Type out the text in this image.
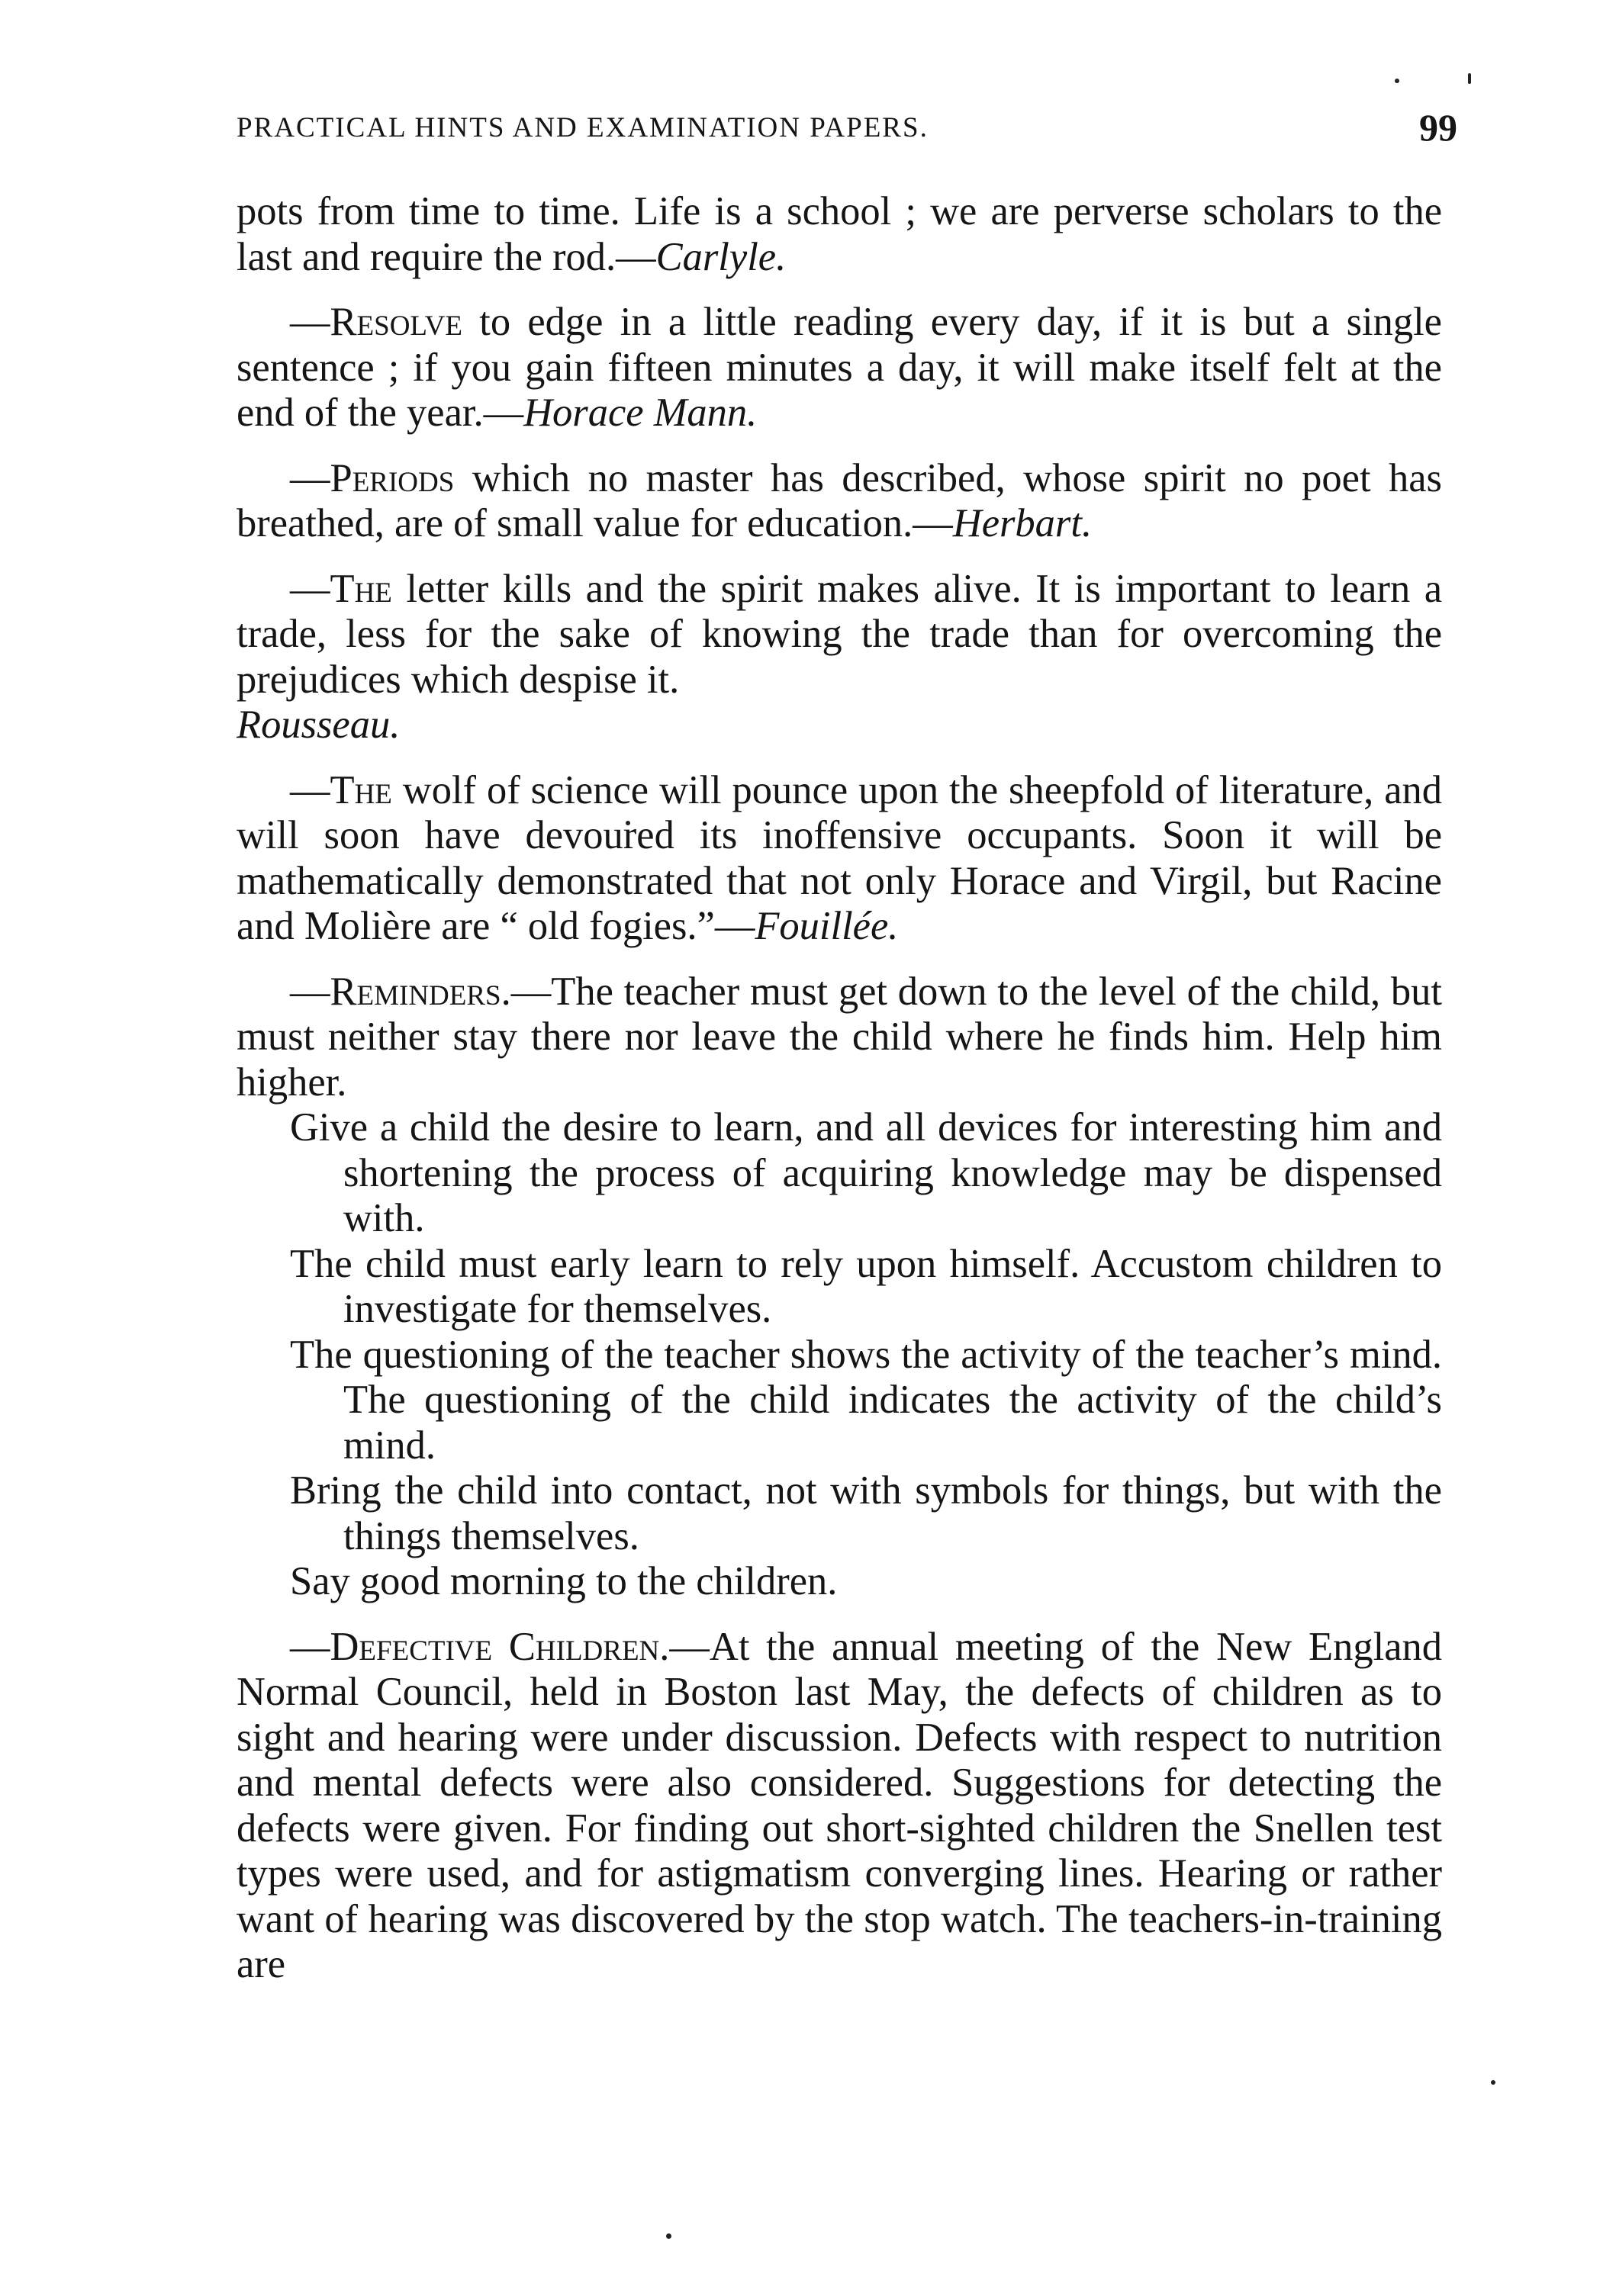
PRACTICAL HINTS AND EXAMINATION PAPERS.	99

pots from time to time. Life is a school ; we are perverse scholars to the last and require the rod.—Carlyle.

—Resolve to edge in a little reading every day, if it is but a single sentence ; if you gain fifteen minutes a day, it will make itself felt at the end of the year.—Horace Mann.

—Periods which no master has described, whose spirit no poet has breathed, are of small value for education.—Herbart.

—The letter kills and the spirit makes alive. It is important to learn a trade, less for the sake of knowing the trade than for overcoming the prejudices which despise it.
Rousseau.

—The wolf of science will pounce upon the sheepfold of literature, and will soon have devoured its inoffensive occupants. Soon it will be mathematically demonstrated that not only Horace and Virgil, but Racine and Molière are “ old fogies.”—Fouillée.

—Reminders.—The teacher must get down to the level of the child, but must neither stay there nor leave the child where he finds him. Help him higher.

Give a child the desire to learn, and all devices for interesting him and shortening the process of acquiring knowledge may be dispensed with.

The child must early learn to rely upon himself. Accustom children to investigate for themselves.

The questioning of the teacher shows the activity of the teacher’s mind. The questioning of the child indicates the activity of the child’s mind.

Bring the child into contact, not with symbols for things, but with the things themselves.

Say good morning to the children.

—Defective Children.—At the annual meeting of the New England Normal Council, held in Boston last May, the defects of children as to sight and hearing were under discussion. Defects with respect to nutrition and mental defects were also considered. Suggestions for detecting the defects were given. For finding out short-sighted children the Snellen test types were used, and for astigmatism converging lines. Hearing or rather want of hearing was discovered by the stop watch. The teachers-in-training are
